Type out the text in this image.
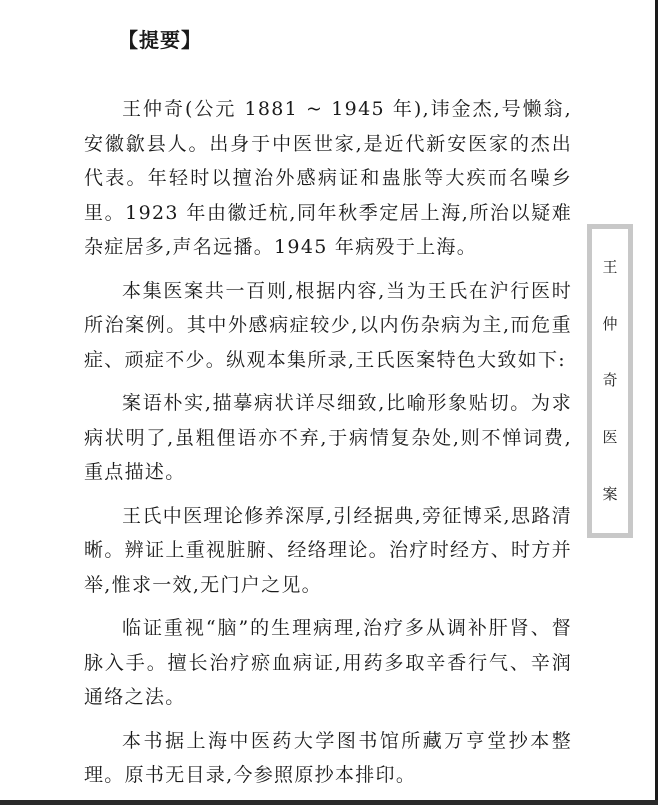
【提要】

王仲奇(公元 1881 ~ 1945 年),讳金杰,号懒翁,安徽歙县人。出身于中医世家,是近代新安医家的杰出代表。年轻时以擅治外感病证和蛊胀等大疾而名噪乡里。1923 年由徽迁杭,同年秋季定居上海,所治以疑难杂症居多,声名远播。1945 年病殁于上海。

本集医案共一百则,根据内容,当为王氏在沪行医时所治案例。其中外感病症较少,以内伤杂病为主,而危重症、顽症不少。纵观本集所录,王氏医案特色大致如下:

案语朴实,描摹病状详尽细致,比喻形象贴切。为求病状明了,虽粗俚语亦不弃,于病情复杂处,则不惮词费,重点描述。

王氏中医理论修养深厚,引经据典,旁征博采,思路清晰。辨证上重视脏腑、经络理论。治疗时经方、时方并举,惟求一效,无门户之见。

临证重视“脑”的生理病理,治疗多从调补肝肾、督脉入手。擅长治疗瘀血病证,用药多取辛香行气、辛润通络之法。

本书据上海中医药大学图书馆所藏万亨堂抄本整理。原书无目录,今参照原抄本排印。

王
仲
奇
医
案
